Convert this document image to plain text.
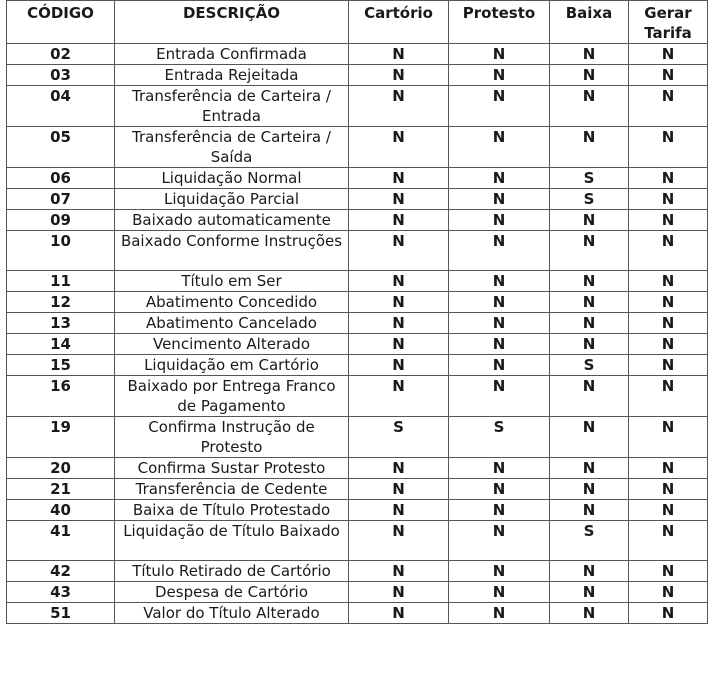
CÓDIGO	DESCRIÇÃO	Cartório	Protesto	Baixa	Gerar Tarifa
02	Entrada Confirmada	N	N	N	N
03	Entrada Rejeitada	N	N	N	N
04	Transferência de Carteira / Entrada	N	N	N	N
05	Transferência de Carteira / Saída	N	N	N	N
06	Liquidação Normal	N	N	S	N
07	Liquidação Parcial	N	N	S	N
09	Baixado automaticamente	N	N	N	N
10	Baixado Conforme Instruções	N	N	N	N
11	Título em Ser	N	N	N	N
12	Abatimento Concedido	N	N	N	N
13	Abatimento Cancelado	N	N	N	N
14	Vencimento Alterado	N	N	N	N
15	Liquidação em Cartório	N	N	S	N
16	Baixado por Entrega Franco de Pagamento	N	N	N	N
19	Confirma Instrução de Protesto	S	S	N	N
20	Confirma Sustar Protesto	N	N	N	N
21	Transferência de Cedente	N	N	N	N
40	Baixa de Título Protestado	N	N	N	N
41	Liquidação de Título Baixado	N	N	S	N
42	Título Retirado de Cartório	N	N	N	N
43	Despesa de Cartório	N	N	N	N
51	Valor do Título Alterado	N	N	N	N
